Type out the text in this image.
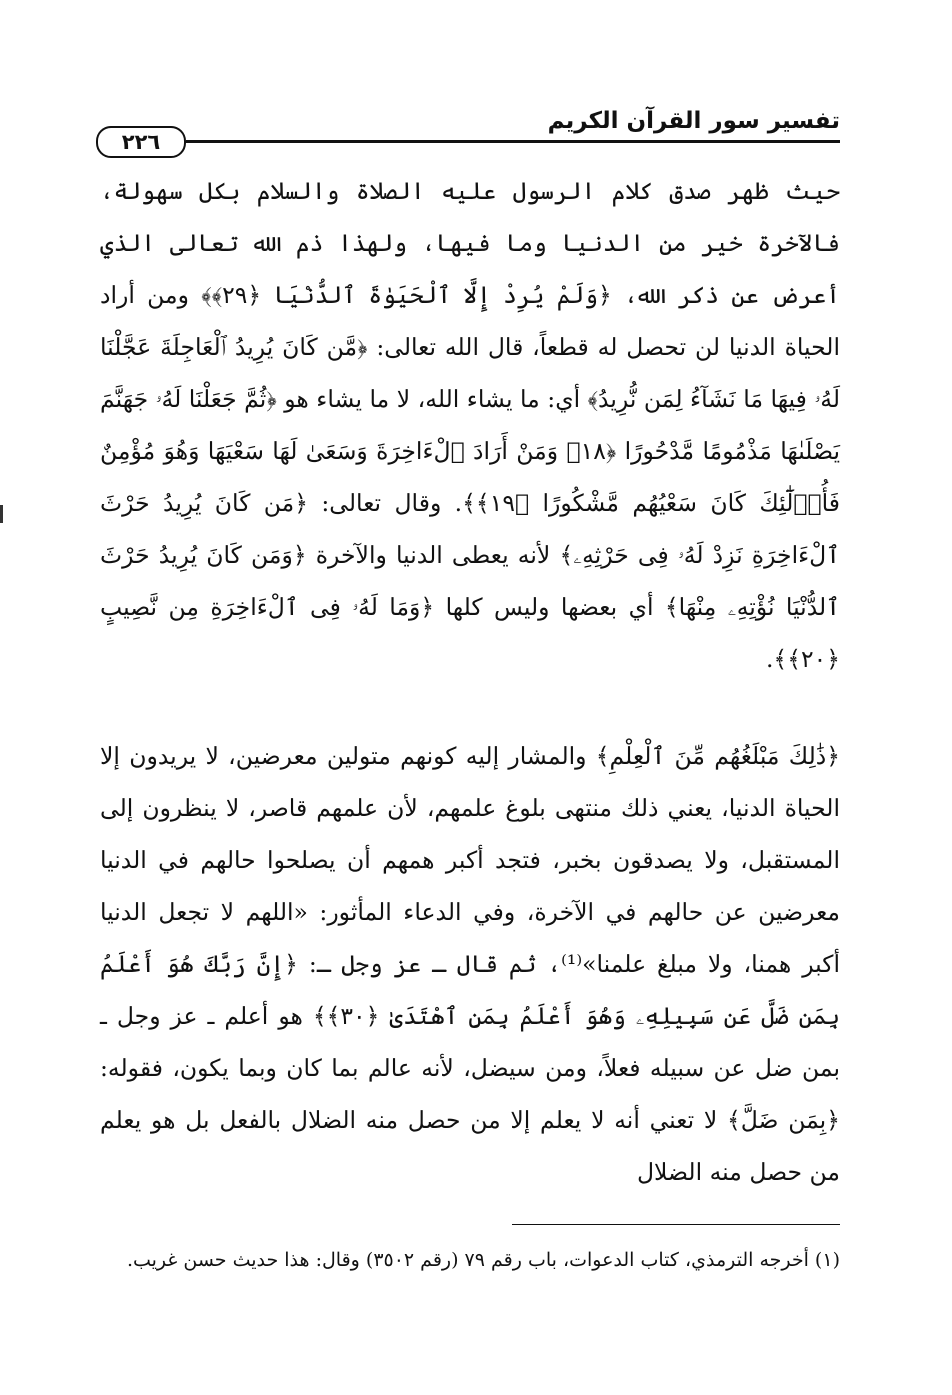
تفسير سور القرآن الكريم
٢٢٦

حيث ظهر صدق كلام الرسول عليه الصلاة والسلام بكل سهولة، فالآخرة خير من الدنيا وما فيها، ولهذا ذم الله تعالى الذي أعرض عن ذكر الله، ﴿وَلَمْ يُرِدْ إِلَّا ٱلْحَيَوٰةَ ٱلدُّنْيَا ﴿٢٩﴾﴾ ومن أراد الحياة الدنيا لن تحصل له قطعاً، قال الله تعالى: ﴿مَّن كَانَ يُرِيدُ ٱلْعَاجِلَةَ عَجَّلْنَا لَهُۥ فِيهَا مَا نَشَآءُ لِمَن نُّرِيدُ﴾ أي: ما يشاء الله، لا ما يشاء هو ﴿ثُمَّ جَعَلْنَا لَهُۥ جَهَنَّمَ يَصْلَىٰهَا مَذْمُومًا مَّدْحُورًا ﴿١٨﴾ وَمَنْ أَرَادَ ٱلْءَاخِرَةَ وَسَعَىٰ لَهَا سَعْيَهَا وَهُوَ مُؤْمِنٌ فَأُو۟لَٰٓئِكَ كَانَ سَعْيُهُم مَّشْكُورًا ﴿١٩﴾﴾. وقال تعالى: ﴿مَن كَانَ يُرِيدُ حَرْثَ ٱلْءَاخِرَةِ نَزِدْ لَهُۥ فِى حَرْثِهِۦ﴾ لأنه يعطى الدنيا والآخرة ﴿وَمَن كَانَ يُرِيدُ حَرْثَ ٱلدُّنْيَا نُؤْتِهِۦ مِنْهَا﴾ أي بعضها وليس كلها ﴿وَمَا لَهُۥ فِى ٱلْءَاخِرَةِ مِن نَّصِيبٍ ﴿٢٠﴾﴾.

﴿ذَٰلِكَ مَبْلَغُهُم مِّنَ ٱلْعِلْمِ﴾ والمشار إليه كونهم متولين معرضين، لا يريدون إلا الحياة الدنيا، يعني ذلك منتهى بلوغ علمهم، لأن علمهم قاصر، لا ينظرون إلى المستقبل، ولا يصدقون بخبر، فتجد أكبر همهم أن يصلحوا حالهم في الدنيا معرضين عن حالهم في الآخرة، وفي الدعاء المأثور: «اللهم لا تجعل الدنيا أكبر همنا، ولا مبلغ علمنا»⁽¹⁾، ثم قال ـ عز وجل ـ: ﴿إِنَّ رَبَّكَ هُوَ أَعْلَمُ بِمَن ضَلَّ عَن سَبِيلِهِۦ وَهُوَ أَعْلَمُ بِمَنِ ٱهْتَدَىٰ ﴿٣٠﴾﴾ هو أعلم ـ عز وجل ـ بمن ضل عن سبيله فعلاً، ومن سيضل، لأنه عالم بما كان وبما يكون، فقوله: ﴿بِمَن ضَلَّ﴾ لا تعني أنه لا يعلم إلا من حصل منه الضلال بالفعل بل هو يعلم من حصل منه الضلال

(١) أخرجه الترمذي، كتاب الدعوات، باب رقم ٧٩ (رقم ٣٥٠٢) وقال: هذا حديث حسن غريب.
